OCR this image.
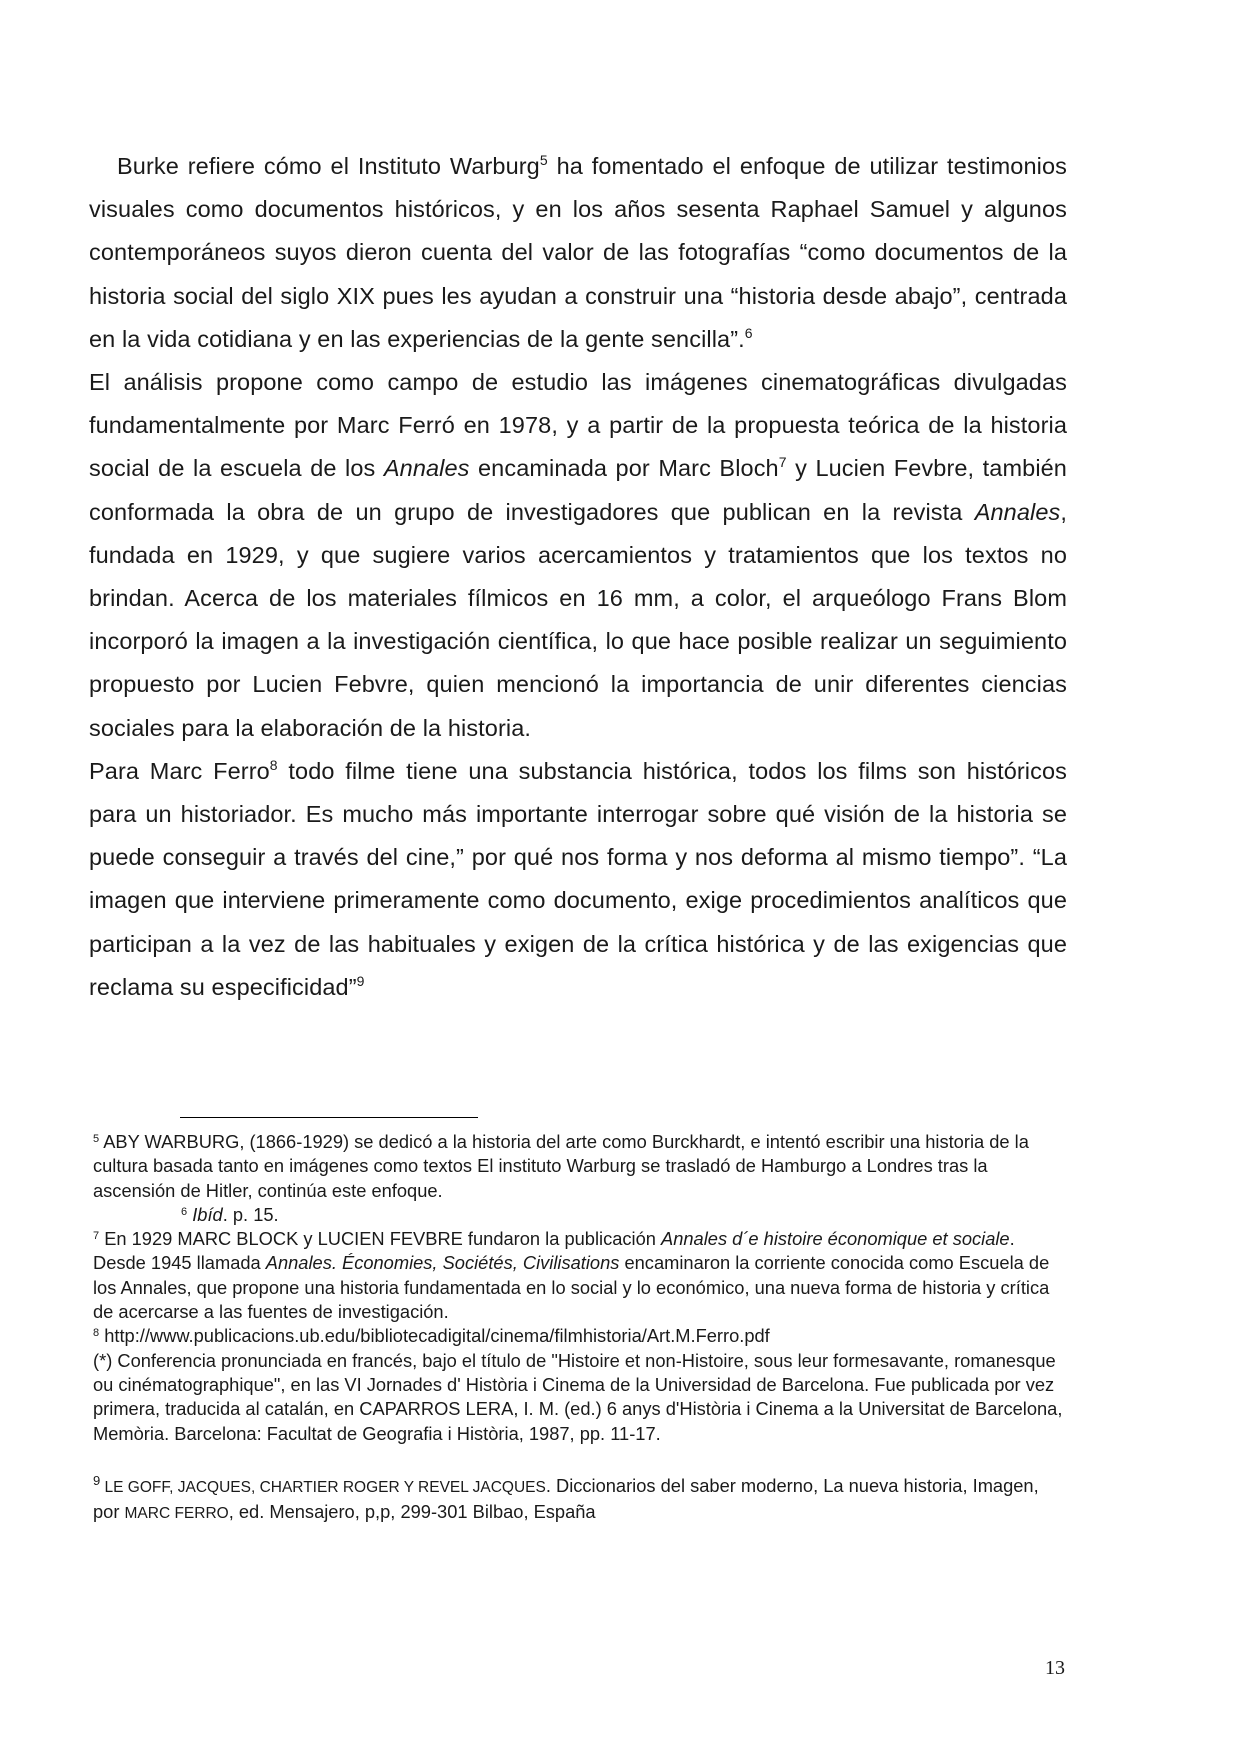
Burke refiere cómo el Instituto Warburg$^5$ ha fomentado el enfoque de utilizar testimonios visuales como documentos históricos, y en los años sesenta Raphael Samuel y algunos contemporáneos suyos dieron cuenta del valor de las fotografías “como documentos de la historia social del siglo XIX pues les ayudan a construir una “historia desde abajo”, centrada en la vida cotidiana y en las experiencias de la gente sencilla”.$^6$

El análisis propone como campo de estudio las imágenes cinematográficas divulgadas fundamentalmente por Marc Ferró en 1978, y a partir de la propuesta teórica de la historia social de la escuela de los Annales encaminada por Marc Bloch$^7$ y Lucien Fevbre, también conformada la obra de un grupo de investigadores que publican en la revista Annales, fundada en 1929, y que sugiere varios acercamientos y tratamientos que los textos no brindan. Acerca de los materiales fílmicos en 16 mm, a color, el arqueólogo Frans Blom incorporó la imagen a la investigación científica, lo que hace posible realizar un seguimiento propuesto por Lucien Febvre, quien mencionó la importancia de unir diferentes ciencias sociales para la elaboración de la historia.

Para Marc Ferro$^8$ todo filme tiene una substancia histórica, todos los films son históricos para un historiador. Es mucho más importante interrogar sobre qué visión de la historia se puede conseguir a través del cine,” por qué nos forma y nos deforma al mismo tiempo”. “La imagen que interviene primeramente como documento, exige procedimientos analíticos que participan a la vez de las habituales y exigen de la crítica histórica y de las exigencias que reclama su especificidad”$^9$

$^5$ ABY WARBURG, (1866-1929) se dedicó a la historia del arte como Burckhardt, e intentó escribir una historia de la cultura basada tanto en imágenes como textos El instituto Warburg se trasladó de Hamburgo a Londres tras la ascensión de Hitler, continúa este enfoque.

$^6$ Ibíd. p. 15.

$^7$ En 1929 MARC BLOCK y LUCIEN FEVBRE fundaron la publicación Annales d´e histoire économique et sociale. Desde 1945 llamada Annales. Économies, Sociétés, Civilisations encaminaron la corriente conocida como Escuela de los Annales, que propone una historia fundamentada en lo social y lo económico, una nueva forma de historia y crítica de acercarse a las fuentes de investigación.

$^8$ http://www.publicacions.ub.edu/bibliotecadigital/cinema/filmhistoria/Art.M.Ferro.pdf

(*) Conferencia pronunciada en francés, bajo el título de "Histoire et non-Histoire, sous leur formesavante, romanesque ou cinématographique", en las VI Jornades d' Història i Cinema de la Universidad de Barcelona. Fue publicada por vez primera, traducida al catalán, en CAPARROS LERA, I. M. (ed.) 6 anys d'Història i Cinema a la Universitat de Barcelona, Memòria. Barcelona: Facultat de Geografia i Història, 1987, pp. 11-17.

$^9$ LE GOFF, JACQUES, CHARTIER ROGER Y REVEL JACQUES. Diccionarios del saber moderno, La nueva historia, Imagen, por MARC FERRO, ed. Mensajero, p,p, 299-301 Bilbao, España

13
